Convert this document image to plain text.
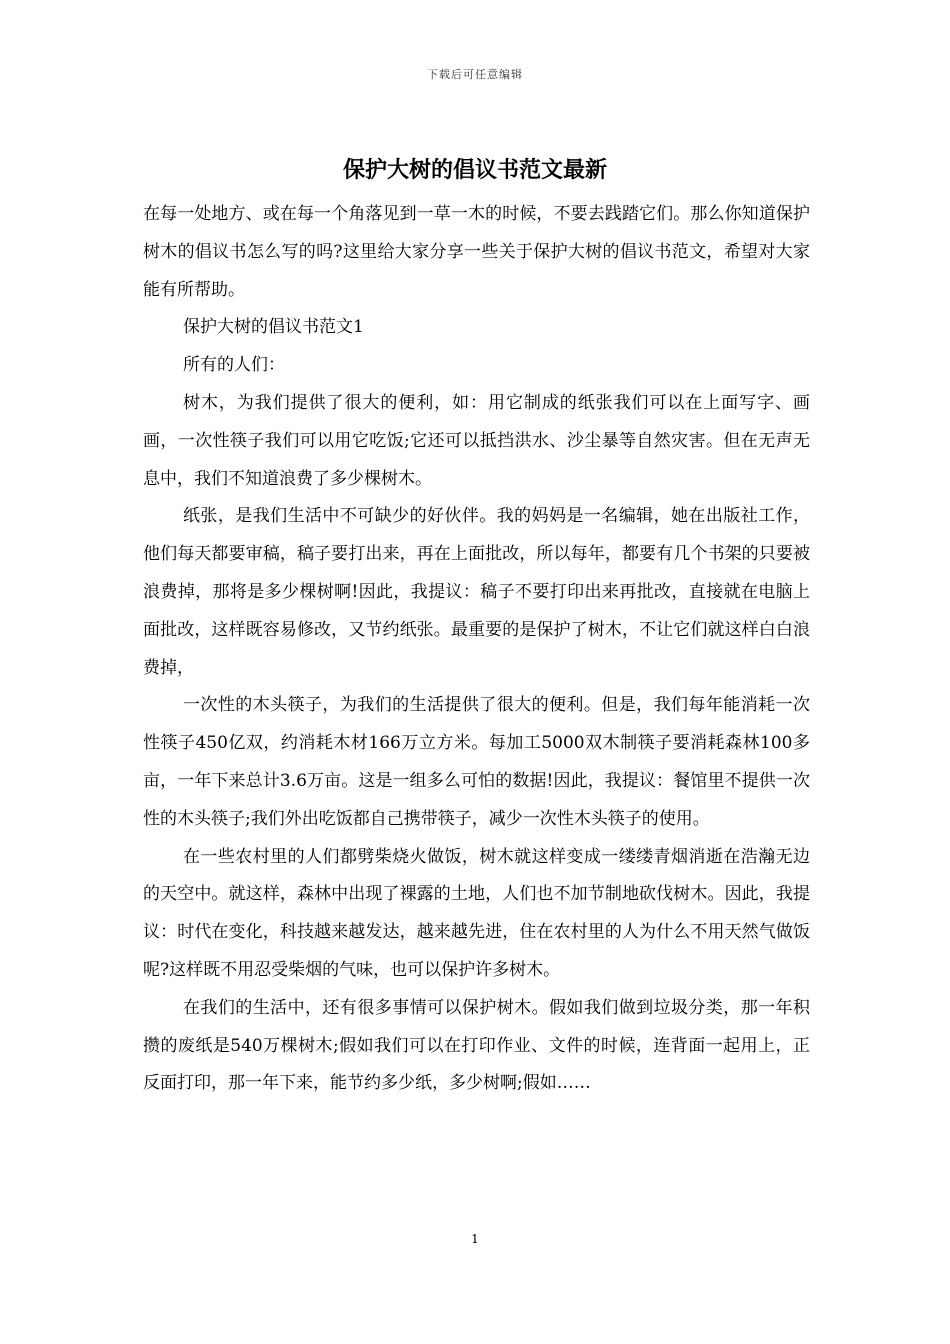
下载后可任意编辑
保护大树的倡议书范文最新

在每一处地方、或在每一个角落见到一草一木的时候，不要去践踏它们。那么你知道保护树木的倡议书怎么写的吗?这里给大家分享一些关于保护大树的倡议书范文，希望对大家能有所帮助。

保护大树的倡议书范文1

所有的人们：

树木，为我们提供了很大的便利，如：用它制成的纸张我们可以在上面写字、画画，一次性筷子我们可以用它吃饭;它还可以抵挡洪水、沙尘暴等自然灾害。但在无声无息中，我们不知道浪费了多少棵树木。

纸张，是我们生活中不可缺少的好伙伴。我的妈妈是一名编辑，她在出版社工作，他们每天都要审稿，稿子要打出来，再在上面批改，所以每年，都要有几个书架的只要被浪费掉，那将是多少棵树啊!因此，我提议：稿子不要打印出来再批改，直接就在电脑上面批改，这样既容易修改，又节约纸张。最重要的是保护了树木，不让它们就这样白白浪费掉，

一次性的木头筷子，为我们的生活提供了很大的便利。但是，我们每年能消耗一次性筷子450亿双，约消耗木材166万立方米。每加工5000双木制筷子要消耗森林100多亩，一年下来总计3.6万亩。这是一组多么可怕的数据!因此，我提议：餐馆里不提供一次性的木头筷子;我们外出吃饭都自己携带筷子，减少一次性木头筷子的使用。

在一些农村里的人们都劈柴烧火做饭，树木就这样变成一缕缕青烟消逝在浩瀚无边的天空中。就这样，森林中出现了裸露的土地，人们也不加节制地砍伐树木。因此，我提议：时代在变化，科技越来越发达，越来越先进，住在农村里的人为什么不用天然气做饭呢?这样既不用忍受柴烟的气味，也可以保护许多树木。

在我们的生活中，还有很多事情可以保护树木。假如我们做到垃圾分类，那一年积攒的废纸是540万棵树木;假如我们可以在打印作业、文件的时候，连背面一起用上，正反面打印，那一年下来，能节约多少纸，多少树啊;假如……

1
